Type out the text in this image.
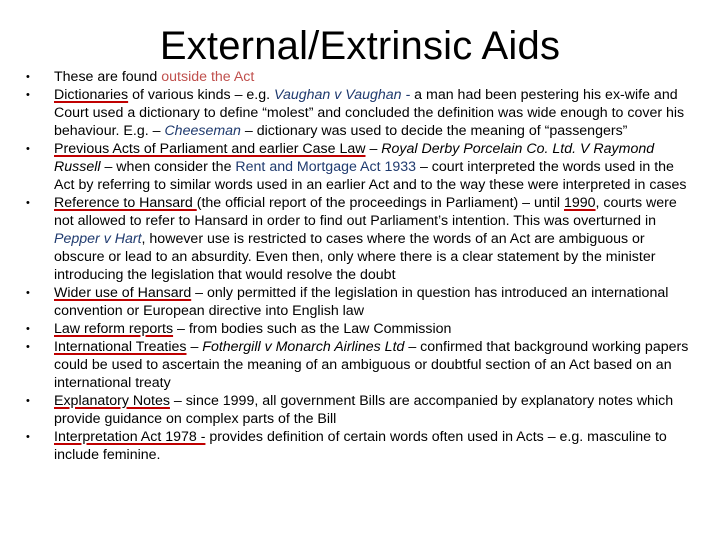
External/Extrinsic Aids
• These are found outside the Act
• Dictionaries of various kinds – e.g. Vaughan v Vaughan - a man had been pestering his ex-wife and Court used a dictionary to define “molest” and concluded the definition was wide enough to cover his behaviour. E.g. – Cheeseman – dictionary was used to decide the meaning of “passengers”
• Previous Acts of Parliament and earlier Case Law – Royal Derby Porcelain Co. Ltd. V Raymond Russell – when consider the Rent and Mortgage Act 1933 – court interpreted the words used in the Act by referring to similar words used in an earlier Act and to the way these were interpreted in cases
• Reference to Hansard (the official report of the proceedings in Parliament) – until 1990, courts were not allowed to refer to Hansard in order to find out Parliament’s intention. This was overturned in Pepper v Hart, however use is restricted to cases where the words of an Act are ambiguous or obscure or lead to an absurdity. Even then, only where there is a clear statement by the minister introducing the legislation that would resolve the doubt
• Wider use of Hansard – only permitted if the legislation in question has introduced an international convention or European directive into English law
• Law reform reports – from bodies such as the Law Commission
• International Treaties – Fothergill v Monarch Airlines Ltd – confirmed that background working papers could be used to ascertain the meaning of an ambiguous or doubtful section of an Act based on an international treaty
• Explanatory Notes – since 1999, all government Bills are accompanied by explanatory notes which provide guidance on complex parts of the Bill
• Interpretation Act 1978 - provides definition of certain words often used in Acts – e.g. masculine to include feminine.
